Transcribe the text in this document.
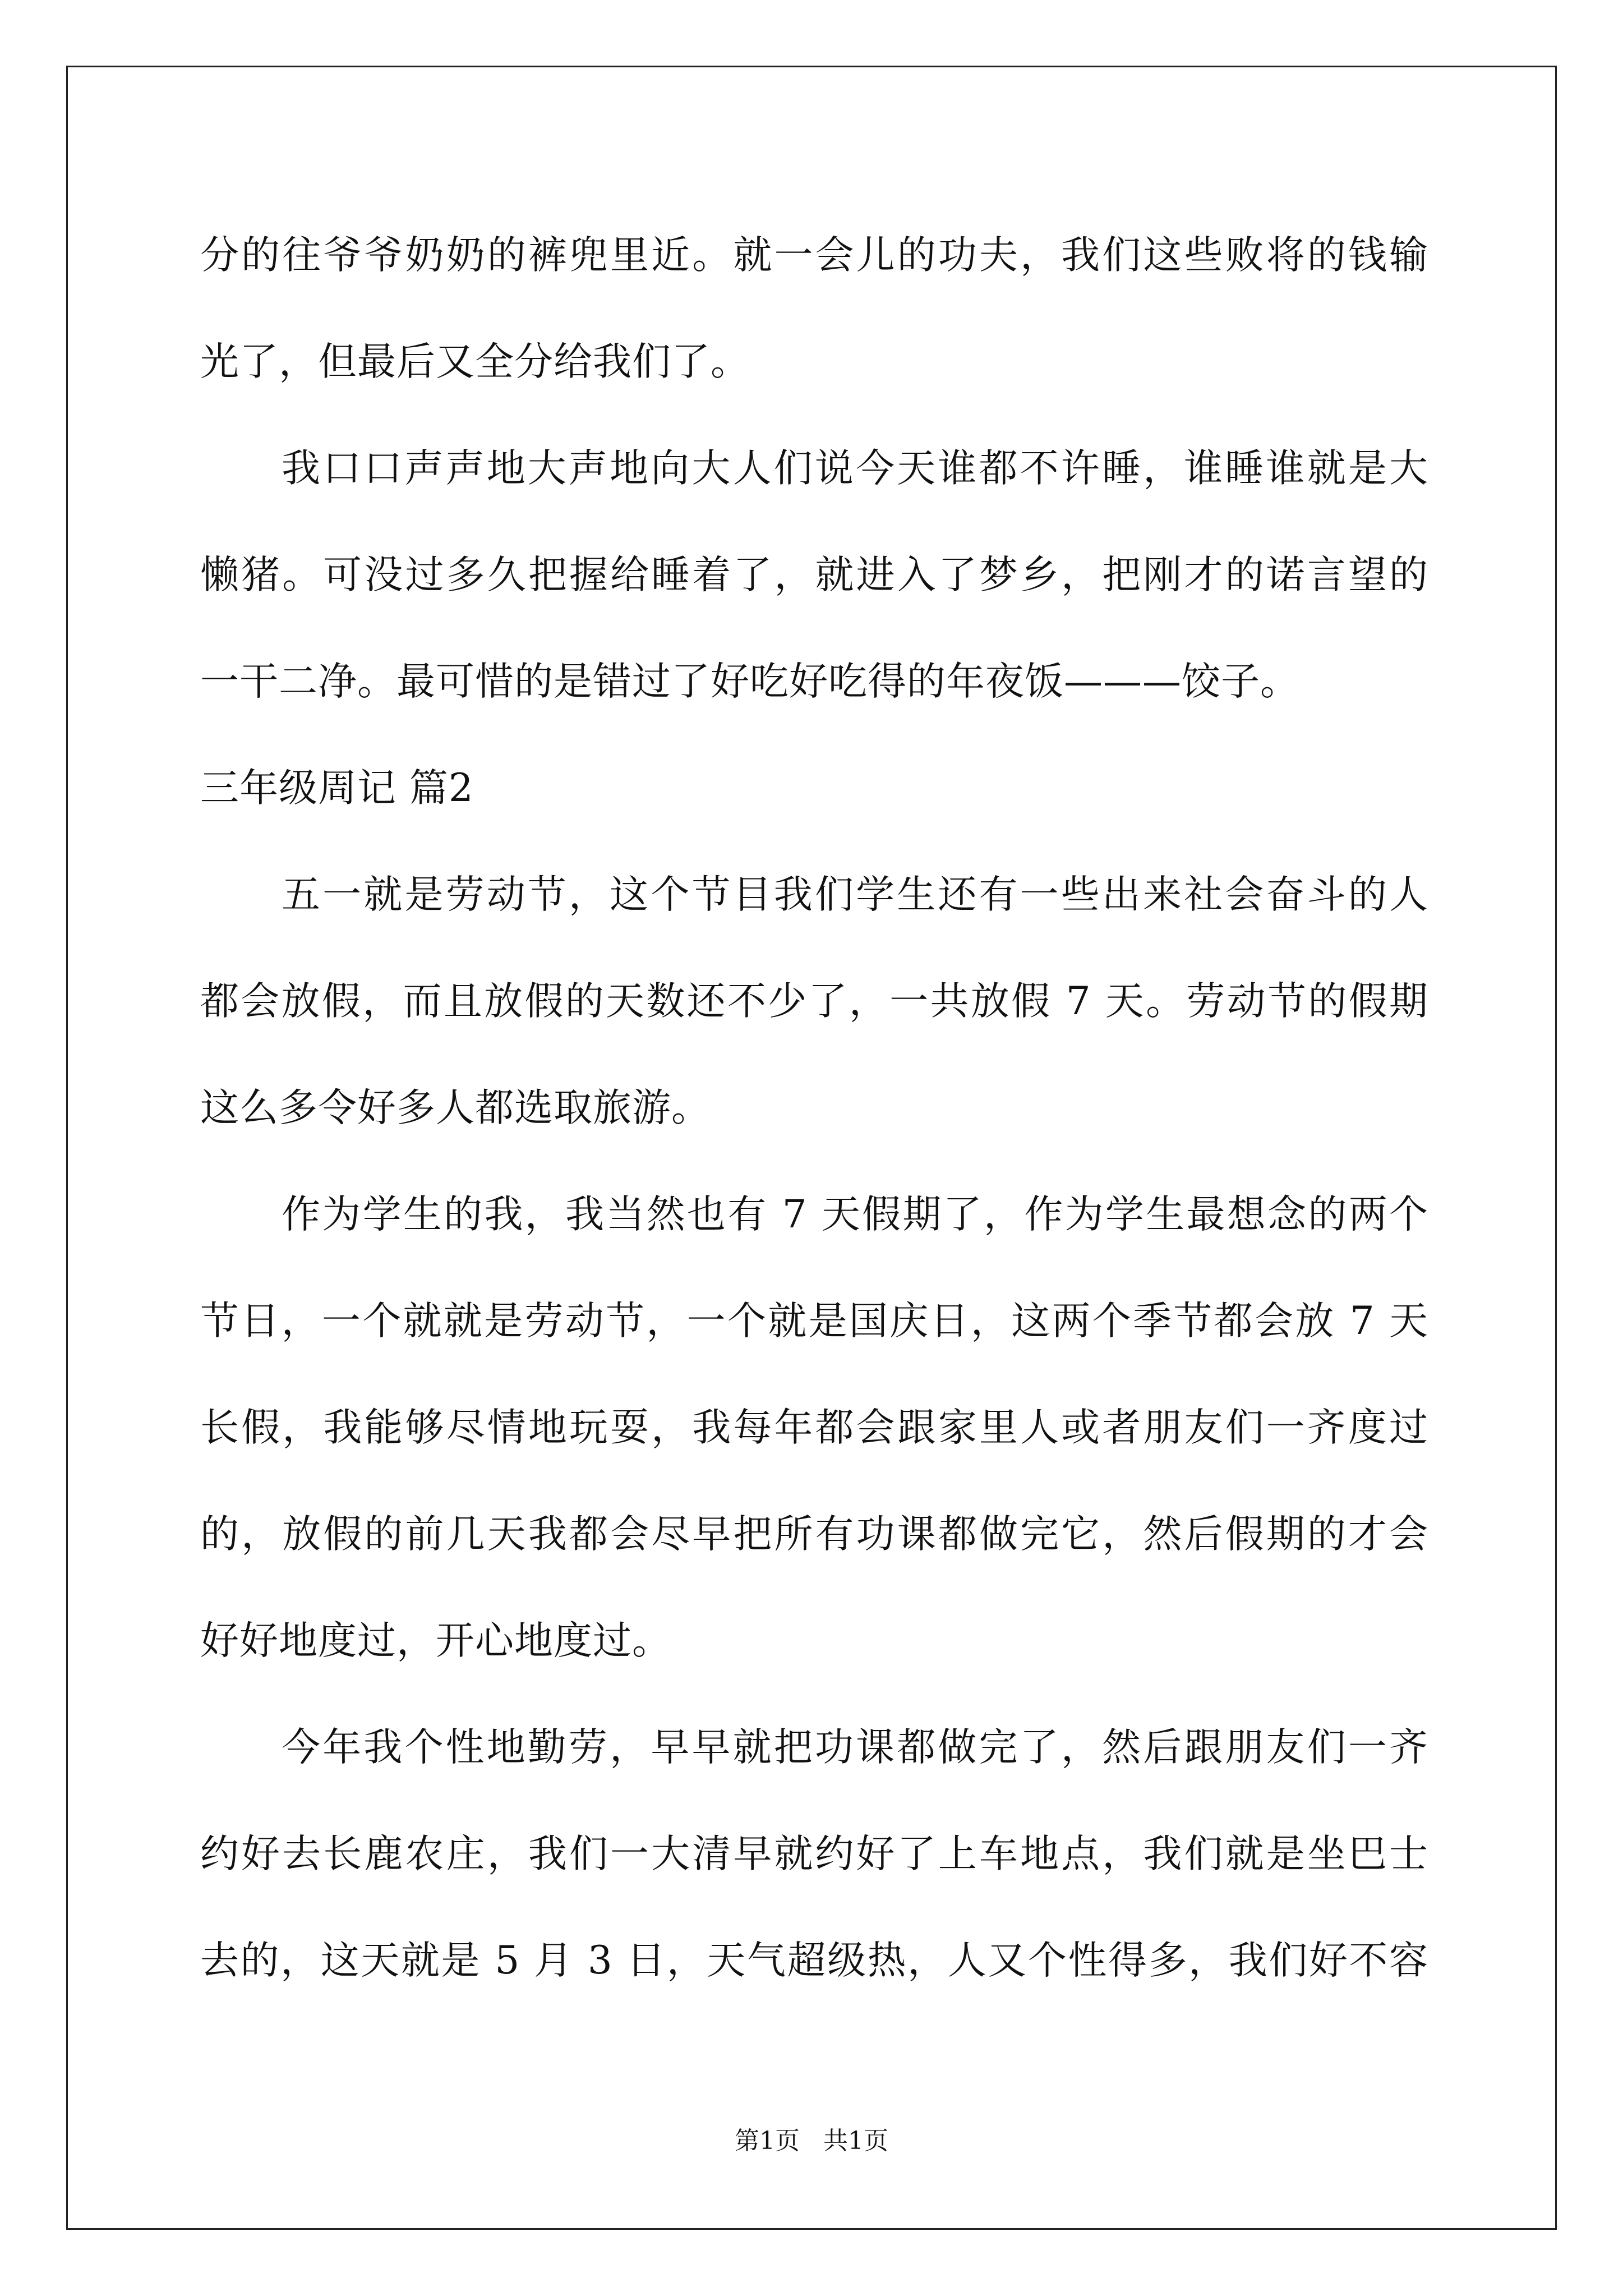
分的往爷爷奶奶的裤兜里近。就一会儿的功夫，我们这些败将的钱输
光了，但最后又全分给我们了。
我口口声声地大声地向大人们说今天谁都不许睡，谁睡谁就是大
懒猪。可没过多久把握给睡着了，就进入了梦乡，把刚才的诺言望的
一干二净。最可惜的是错过了好吃好吃得的年夜饭———饺子。
三年级周记 篇2
五一就是劳动节，这个节目我们学生还有一些出来社会奋斗的人
都会放假，而且放假的天数还不少了，一共放假 7 天。劳动节的假期
这么多令好多人都选取旅游。
作为学生的我，我当然也有 7 天假期了，作为学生最想念的两个
节日，一个就就是劳动节，一个就是国庆日，这两个季节都会放 7 天
长假，我能够尽情地玩耍，我每年都会跟家里人或者朋友们一齐度过
的，放假的前几天我都会尽早把所有功课都做完它，然后假期的才会
好好地度过，开心地度过。
今年我个性地勤劳，早早就把功课都做完了，然后跟朋友们一齐
约好去长鹿农庄，我们一大清早就约好了上车地点，我们就是坐巴士
去的，这天就是 5 月 3 日，天气超级热，人又个性得多，我们好不容
第1页   共1页
